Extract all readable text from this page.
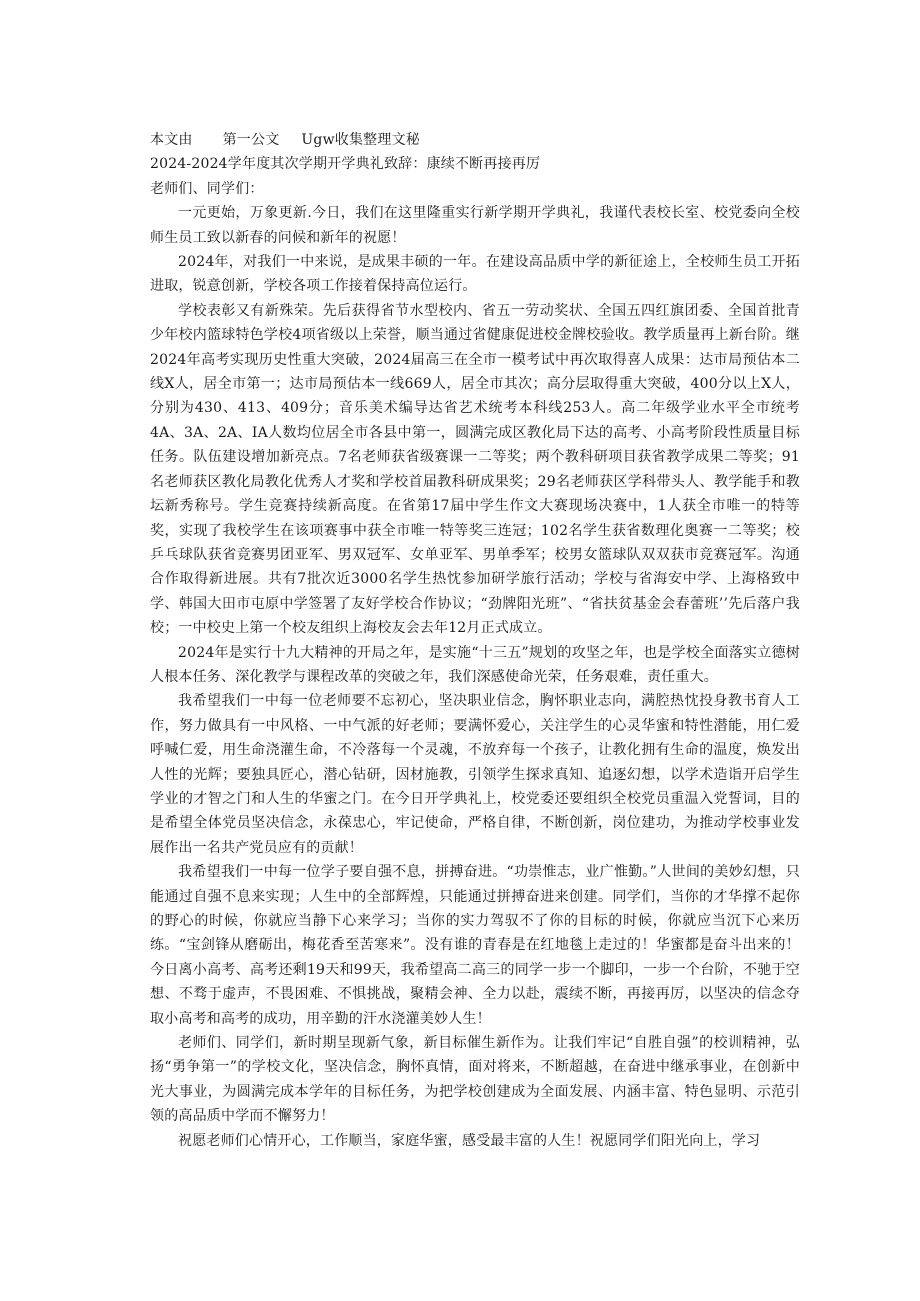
本文由 第一公文 Ugw收集整理文秘

2024-2024学年度其次学期开学典礼致辞：康续不断再接再厉

老师们、同学们：

一元更始，万象更新.今日，我们在这里隆重实行新学期开学典礼，我谨代表校长室、校党委向全校师生员工致以新春的问候和新年的祝愿！

2024年，对我们一中来说，是成果丰硕的一年。在建设高品质中学的新征途上，全校师生员工开拓进取，锐意创新，学校各项工作接着保持高位运行。

学校表彰又有新殊荣。先后获得省节水型校内、省五一劳动奖状、全国五四红旗团委、全国首批青少年校内篮球特色学校4项省级以上荣誉，顺当通过省健康促进校金牌校验收。教学质量再上新台阶。继2024年高考实现历史性重大突破，2024届高三在全市一模考试中再次取得喜人成果：达市局预估本二线X人，居全市第一；达市局预估本一线669人，居全市其次；高分层取得重大突破，400分以上X人，分别为430、413、409分；音乐美术编导达省艺术统考本科线253人。高二年级学业水平全市统考4A、3A、2A、IA人数均位居全市各县中第一，圆满完成区教化局下达的高考、小高考阶段性质量目标任务。队伍建设增加新亮点。7名老师获省级赛课一二等奖；两个教科研项目获省教学成果二等奖；91名老师获区教化局教化优秀人才奖和学校首届教科研成果奖；29名老师获区学科带头人、教学能手和教坛新秀称号。学生竞赛持续新高度。在省第17届中学生作文大赛现场决赛中，1人获全市唯一的特等奖，实现了我校学生在该项赛事中获全市唯一特等奖三连冠；102名学生获省数理化奥赛一二等奖；校乒乓球队获省竞赛男团亚军、男双冠军、女单亚军、男单季军；校男女篮球队双双获市竞赛冠军。沟通合作取得新进展。共有7批次近3000名学生热忱参加研学旅行活动；学校与省海安中学、上海格致中学、韩国大田市屯原中学签署了友好学校合作协议；“劲牌阳光班”、“省扶贫基金会春蕾班’’先后落户我校；一中校史上第一个校友组织上海校友会去年12月正式成立。

2024年是实行十九大精神的开局之年，是实施“十三五”规划的攻坚之年，也是学校全面落实立德树人根本任务、深化教学与课程改革的突破之年，我们深感使命光荣，任务艰难，责任重大。

我希望我们一中每一位老师要不忘初心，坚决职业信念，胸怀职业志向，满腔热忱投身教书育人工作，努力做具有一中风格、一中气派的好老师；要满怀爱心，关注学生的心灵华蜜和特性潜能，用仁爱呼喊仁爱，用生命浇灌生命，不冷落每一个灵魂，不放弃每一个孩子，让教化拥有生命的温度，焕发出人性的光辉；要独具匠心，潜心钻研，因材施教，引领学生探求真知、追逐幻想，以学术造诣开启学生学业的才智之门和人生的华蜜之门。在今日开学典礼上，校党委还要组织全校党员重温入党誓词，目的是希望全体党员坚决信念，永葆忠心，牢记使命，严格自律，不断创新，岗位建功，为推动学校事业发展作出一名共产党员应有的贡献！

我希望我们一中每一位学子要自强不息，拼搏奋进。“功崇惟志，业广惟勤。”人世间的美妙幻想，只能通过自强不息来实现；人生中的全部辉煌，只能通过拼搏奋进来创建。同学们，当你的才华撑不起你的野心的时候，你就应当静下心来学习；当你的实力驾驭不了你的目标的时候，你就应当沉下心来历练。“宝剑锋从磨砺出，梅花香至苦寒来”。没有谁的青春是在红地毯上走过的！华蜜都是奋斗出来的！今日离小高考、高考还剩19天和99天，我希望高二高三的同学一步一个脚印，一步一个台阶，不驰于空想、不骛于虚声，不畏困难、不惧挑战，聚精会神、全力以赴，震续不断，再接再厉，以坚决的信念夺取小高考和高考的成功，用辛勤的汗水浇灌美妙人生！

老师们、同学们，新时期呈现新气象，新目标催生新作为。让我们牢记“自胜自强”的校训精神，弘扬“勇争第一”的学校文化，坚决信念，胸怀真情，面对将来，不断超越，在奋进中继承事业，在创新中光大事业，为圆满完成本学年的目标任务，为把学校创建成为全面发展、内涵丰富、特色显明、示范引领的高品质中学而不懈努力！

祝愿老师们心情开心，工作顺当，家庭华蜜，感受最丰富的人生！祝愿同学们阳光向上，学习
